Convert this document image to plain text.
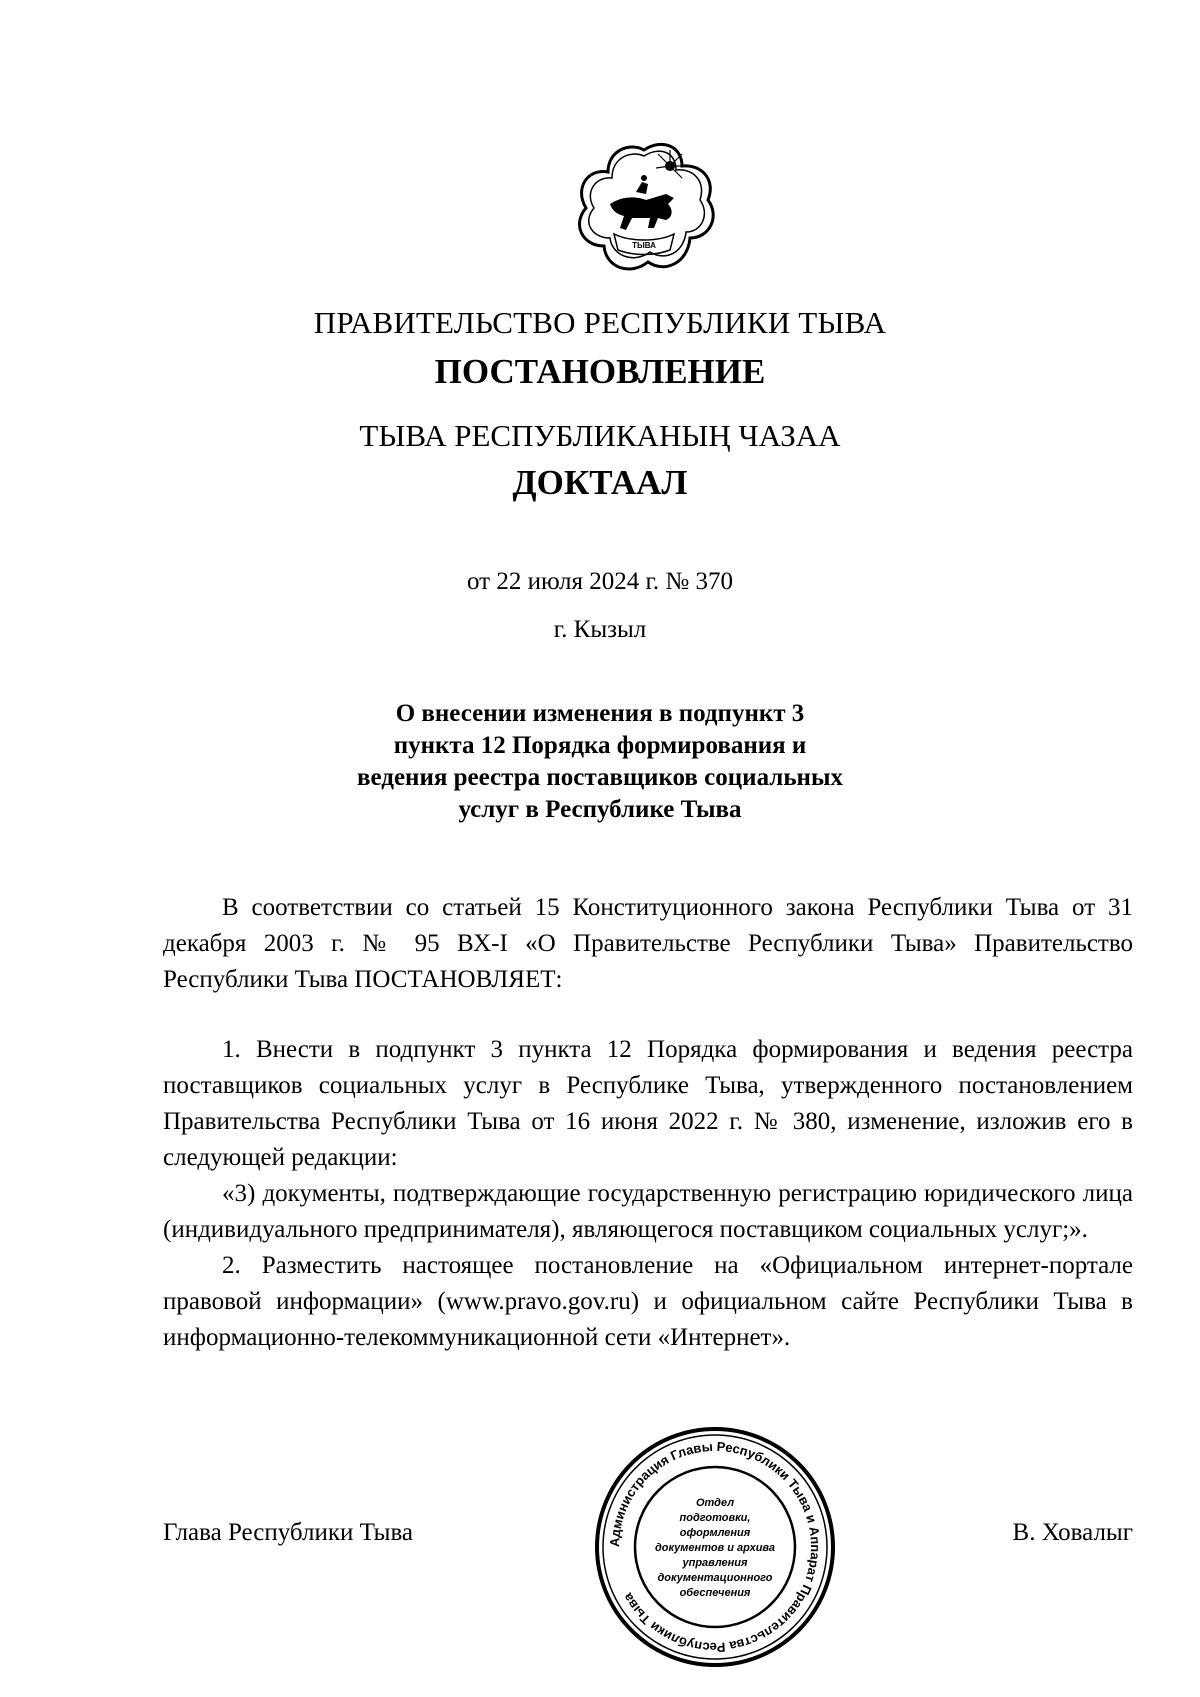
ТЫВА
ПРАВИТЕЛЬСТВО РЕСПУБЛИКИ ТЫВА
ПОСТАНОВЛЕНИЕ
ТЫВА РЕСПУБЛИКАНЫҢ ЧАЗАА
ДОКТААЛ
от 22 июля 2024 г. № 370
г. Кызыл
О внесении изменения в подпункт 3
пункта 12 Порядка формирования и
ведения реестра поставщиков социальных
услуг в Республике Тыва

В соответствии со статьей 15 Конституционного закона Республики Тыва от 31 декабря 2003 г. № 95 ВХ-I «О Правительстве Республики Тыва» Правительство Республики Тыва ПОСТАНОВЛЯЕТ:

1. Внести в подпункт 3 пункта 12 Порядка формирования и ведения реестра поставщиков социальных услуг в Республике Тыва, утвержденного постановлением Правительства Республики Тыва от 16 июня 2022 г. № 380, изменение, изложив его в следующей редакции:

«3) документы, подтверждающие государственную регистрацию юридического лица (индивидуального предпринимателя), являющегося поставщиком социальных услуг;».

2. Разместить настоящее постановление на «Официальном интернет-портале правовой информации» (www.pravo.gov.ru) и официальном сайте Республики Тыва в информационно-телекоммуникационной сети «Интернет».

Глава Республики Тыва	В. Ховалыг
Администрация Главы Республики Тыва и Аппарат Правительства Республики Тыва
Отдел
подготовки,
оформления
документов и архива
управления
документационного
обеспечения
